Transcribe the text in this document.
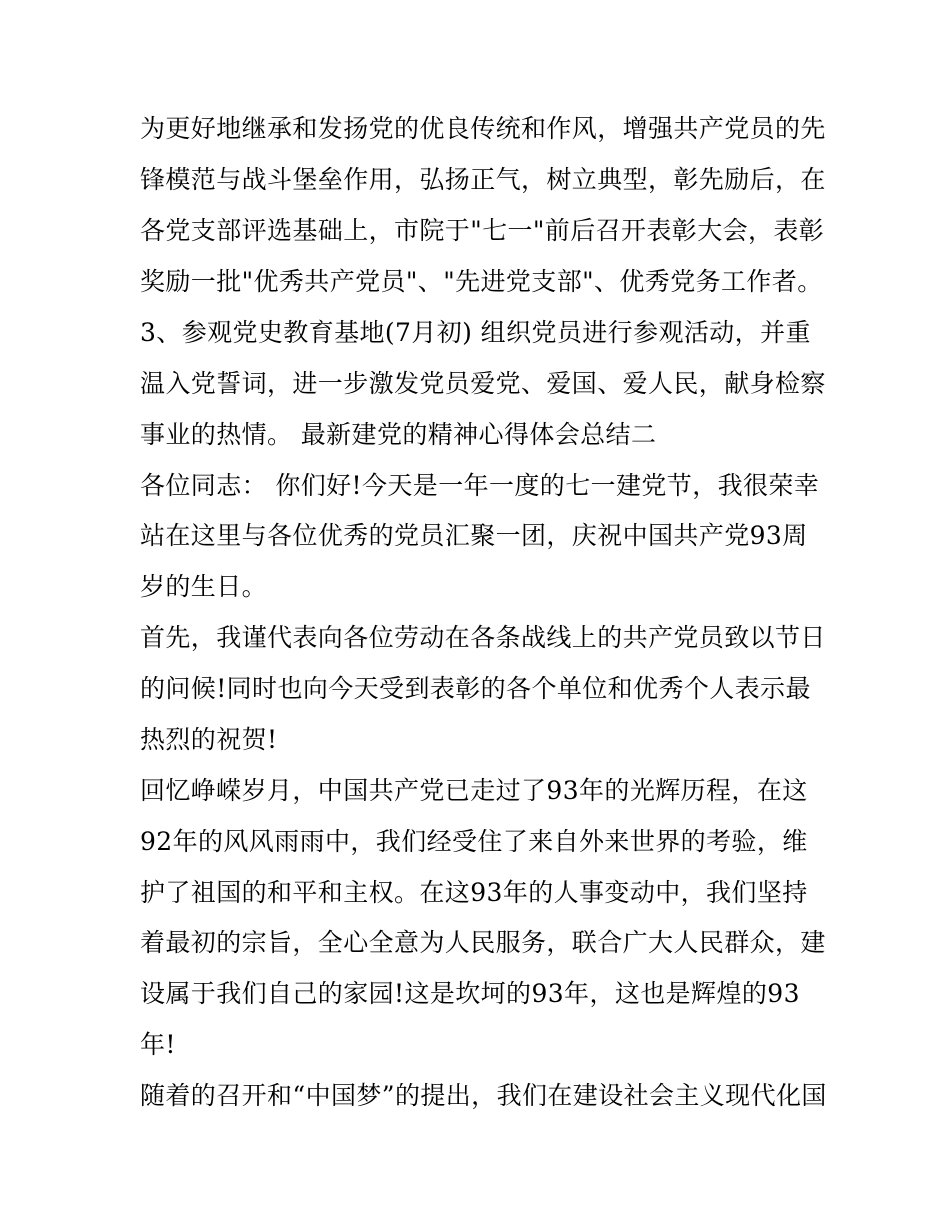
为更好地继承和发扬党的优良传统和作风，增强共产党员的先
锋模范与战斗堡垒作用，弘扬正气，树立典型，彰先励后，在
各党支部评选基础上，市院于"七一"前后召开表彰大会，表彰
奖励一批"优秀共产党员"、"先进党支部"、优秀党务工作者。
3、参观党史教育基地(7月初) 组织党员进行参观活动，并重
温入党誓词，进一步激发党员爱党、爱国、爱人民，献身检察
事业的热情。 最新建党的精神心得体会总结二
各位同志： 你们好!今天是一年一度的七一建党节，我很荣幸
站在这里与各位优秀的党员汇聚一团，庆祝中国共产党93周
岁的生日。
首先，我谨代表向各位劳动在各条战线上的共产党员致以节日
的问候!同时也向今天受到表彰的各个单位和优秀个人表示最
热烈的祝贺!
回忆峥嵘岁月，中国共产党已走过了93年的光辉历程，在这
92年的风风雨雨中，我们经受住了来自外来世界的考验，维
护了祖国的和平和主权。在这93年的人事变动中，我们坚持
着最初的宗旨，全心全意为人民服务，联合广大人民群众，建
设属于我们自己的家园!这是坎坷的93年，这也是辉煌的93
年!
随着的召开和“中国梦”的提出，我们在建设社会主义现代化国
